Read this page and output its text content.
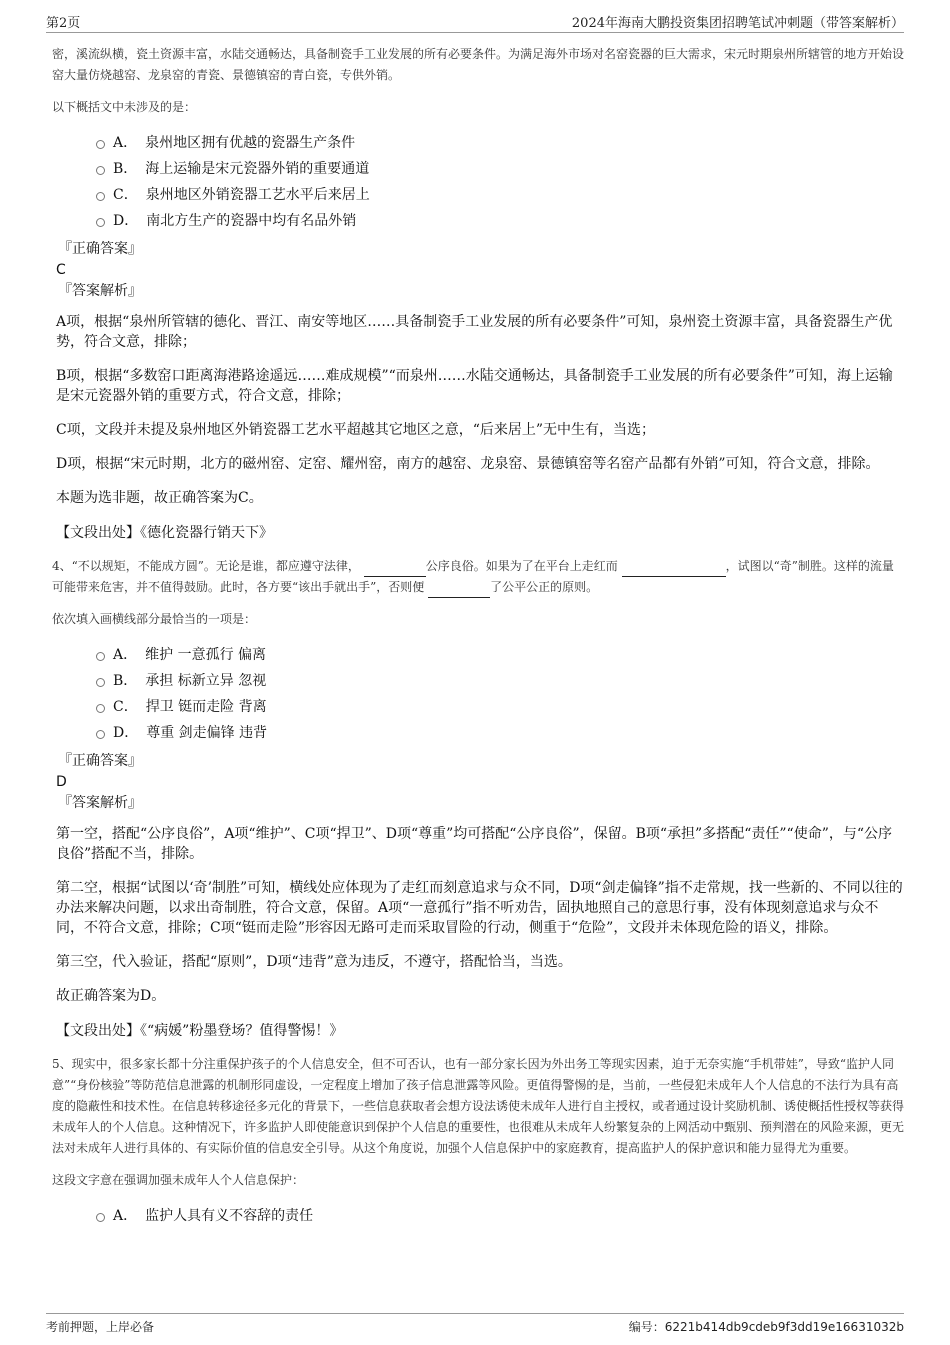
第2页	2024年海南大鹏投资集团招聘笔试冲刺题（带答案解析）

密，溪流纵横，瓷土资源丰富，水陆交通畅达，具备制瓷手工业发展的所有必要条件。为满足海外市场对名窑瓷器的巨大需求，宋元时期泉州所辖管的地方开始设窑大量仿烧越窑、龙泉窑的青瓷、景德镇窑的青白瓷，专供外销。

以下概括文中未涉及的是：

A． 泉州地区拥有优越的瓷器生产条件
B． 海上运输是宋元瓷器外销的重要通道
C． 泉州地区外销瓷器工艺水平后来居上
D． 南北方生产的瓷器中均有名品外销
『正确答案』
C
『答案解析』

A项，根据“泉州所管辖的德化、晋江、南安等地区……具备制瓷手工业发展的所有必要条件”可知，泉州瓷土资源丰富，具备瓷器生产优势，符合文意，排除；

B项，根据“多数窑口距离海港路途遥远……难成规模”“而泉州……水陆交通畅达，具备制瓷手工业发展的所有必要条件”可知，海上运输是宋元瓷器外销的重要方式，符合文意，排除；

C项，文段并未提及泉州地区外销瓷器工艺水平超越其它地区之意，“后来居上”无中生有，当选；

D项，根据“宋元时期，北方的磁州窑、定窑、耀州窑，南方的越窑、龙泉窑、景德镇窑等名窑产品都有外销”可知，符合文意，排除。

本题为选非题，故正确答案为C。

【文段出处】《德化瓷器行销天下》

4、“不以规矩，不能成方圆”。无论是谁，都应遵守法律，	公序良俗。如果为了在平台上走红而	，试图以“奇”制胜。这样的流量可能带来危害，并不值得鼓励。此时，各方要“该出手就出手”，否则便	了公平公正的原则。

依次填入画横线部分最恰当的一项是：

A． 维护 一意孤行 偏离
B． 承担 标新立异 忽视
C． 捍卫 铤而走险 背离
D． 尊重 剑走偏锋 违背
『正确答案』
D
『答案解析』

第一空，搭配“公序良俗”，A项“维护”、C项“捍卫”、D项“尊重”均可搭配“公序良俗”，保留。B项“承担”多搭配“责任”“使命”，与“公序良俗”搭配不当，排除。

第二空，根据“试图以‘奇’制胜”可知，横线处应体现为了走红而刻意追求与众不同，D项“剑走偏锋”指不走常规，找一些新的、不同以往的办法来解决问题，以求出奇制胜，符合文意，保留。A项“一意孤行”指不听劝告，固执地照自己的意思行事，没有体现刻意追求与众不同，不符合文意，排除；C项“铤而走险”形容因无路可走而采取冒险的行动，侧重于“危险”，文段并未体现危险的语义，排除。

第三空，代入验证，搭配“原则”，D项“违背”意为违反，不遵守，搭配恰当，当选。

故正确答案为D。

【文段出处】《“病媛”粉墨登场？值得警惕！》

5、现实中，很多家长都十分注重保护孩子的个人信息安全，但不可否认，也有一部分家长因为外出务工等现实因素，迫于无奈实施“手机带娃”，导致“监护人同意”“身份核验”等防范信息泄露的机制形同虚设，一定程度上增加了孩子信息泄露等风险。更值得警惕的是，当前，一些侵犯未成年人个人信息的不法行为具有高度的隐蔽性和技术性。在信息转移途径多元化的背景下，一些信息获取者会想方设法诱使未成年人进行自主授权，或者通过设计奖励机制、诱使概括性授权等获得未成年人的个人信息。这种情况下，许多监护人即使能意识到保护个人信息的重要性，也很难从未成年人纷繁复杂的上网活动中甄别、预判潜在的风险来源，更无法对未成年人进行具体的、有实际价值的信息安全引导。从这个角度说，加强个人信息保护中的家庭教育，提高监护人的保护意识和能力显得尤为重要。

这段文字意在强调加强未成年人个人信息保护：

A． 监护人具有义不容辞的责任
考前押题，上岸必备	编号：6221b414db9cdeb9f3dd19e16631032b
